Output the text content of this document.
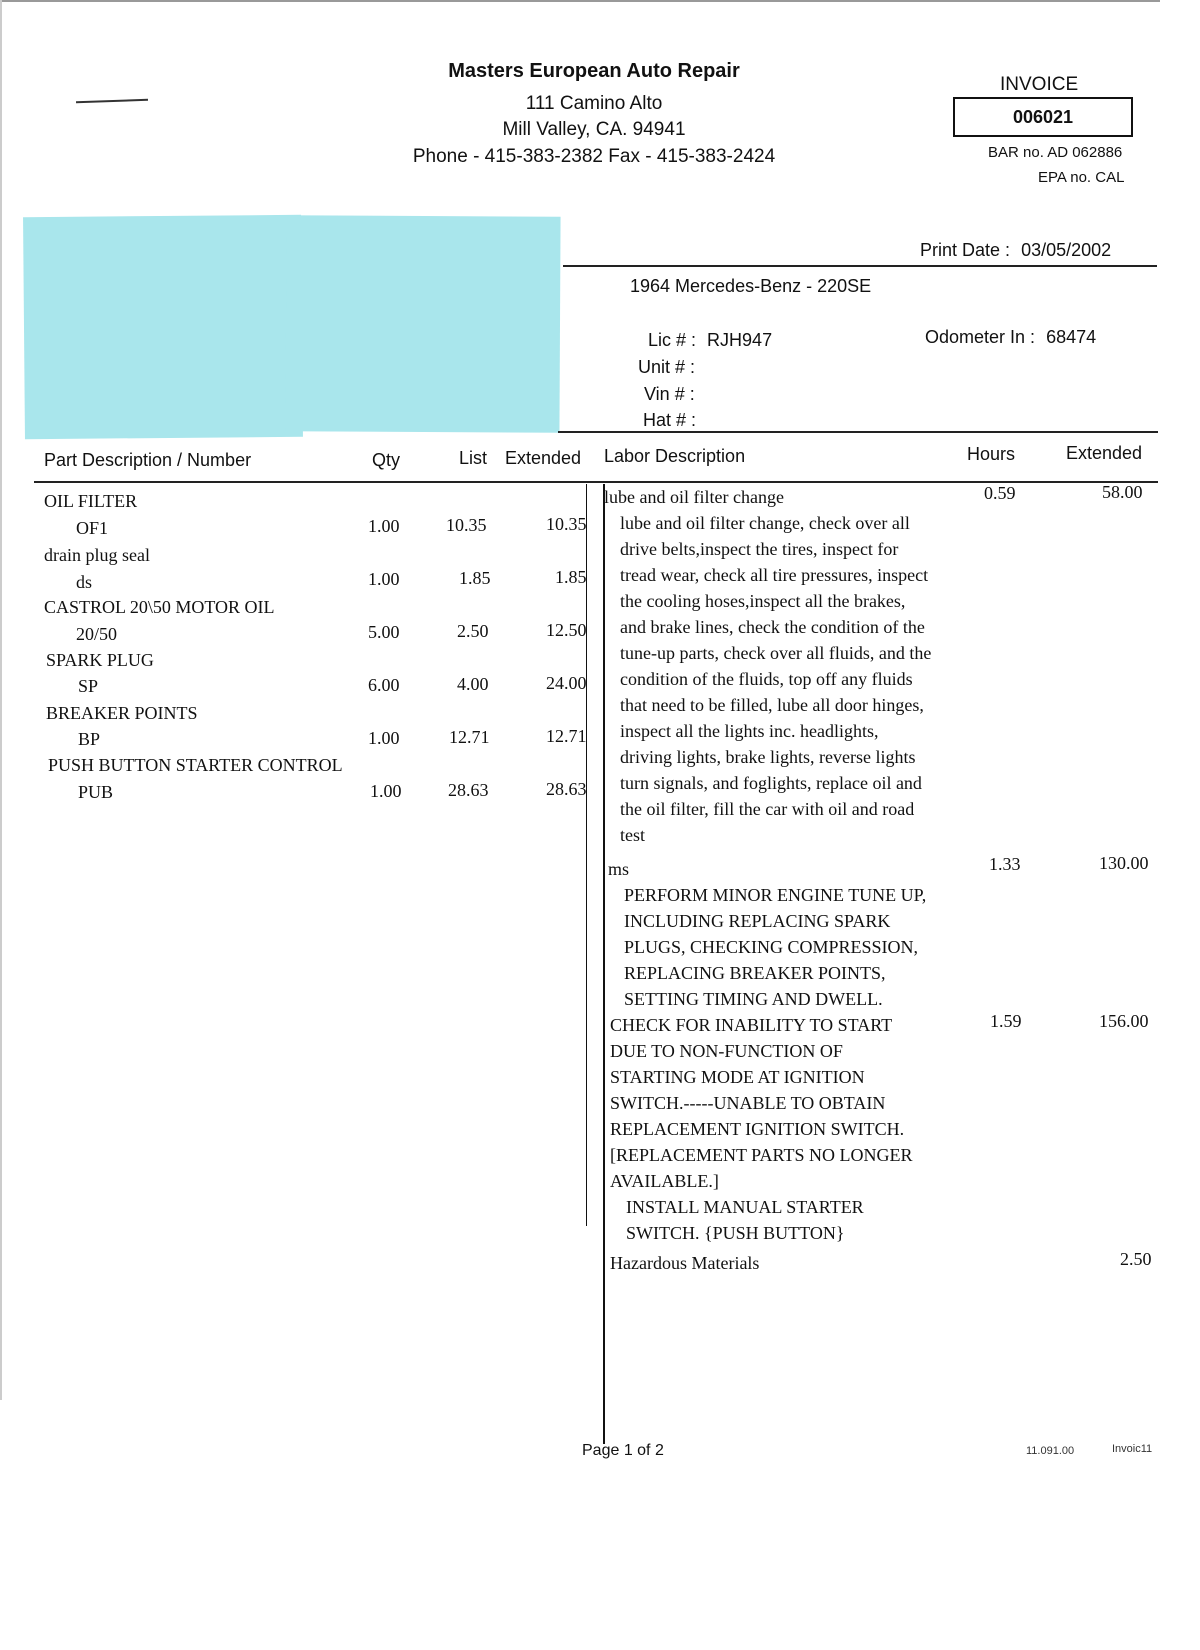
Masters European Auto Repair
111 Camino Alto
Mill Valley, CA. 94941
Phone - 415-383-2382 Fax - 415-383-2424
INVOICE
006021
BAR no. AD 062886
EPA no. CAL
Print Date : 03/05/2002
1964 Mercedes-Benz - 220SE
Lic # : RJH947
Unit # :
Vin # :
Hat # :
Odometer In : 68474
Part Description / Number	Qty	List Extended Labor Description	Hours	Extended
OIL FILTER
OF1	1.00	10.35	10.35
drain plug seal
ds	1.00	1.85	1.85
CASTROL 20\50 MOTOR OIL
20/50	5.00	2.50	12.50
SPARK PLUG
SP	6.00	4.00	24.00
BREAKER POINTS
BP	1.00	12.71	12.71
PUSH BUTTON STARTER CONTROL
PUB	1.00	28.63	28.63

lube and oil filter change

lube and oil filter change, check over all

drive belts,inspect the tires, inspect for

tread wear, check all tire pressures, inspect

the cooling hoses,inspect all the brakes,

and brake lines, check the condition of the

tune-up parts, check over all fluids, and the

condition of the fluids, top off any fluids

that need to be filled, lube all door hinges,

inspect all the lights inc. headlights,

driving lights, brake lights, reverse lights

turn signals, and foglights, replace oil and

the oil filter, fill the car with oil and road

test

0.59	58.00

ms

PERFORM MINOR ENGINE TUNE UP,

INCLUDING REPLACING SPARK

PLUGS, CHECKING COMPRESSION,

REPLACING BREAKER POINTS,

SETTING TIMING AND DWELL.

1.33	130.00

CHECK FOR INABILITY TO START

DUE TO NON-FUNCTION OF

STARTING MODE AT IGNITION

SWITCH.-----UNABLE TO OBTAIN

REPLACEMENT IGNITION SWITCH.

[REPLACEMENT PARTS NO LONGER

AVAILABLE.]

INSTALL MANUAL STARTER

SWITCH. {PUSH BUTTON}

1.59	156.00

Hazardous Materials	2.50
Page 1 of 2	11.091.00	Invoic11
